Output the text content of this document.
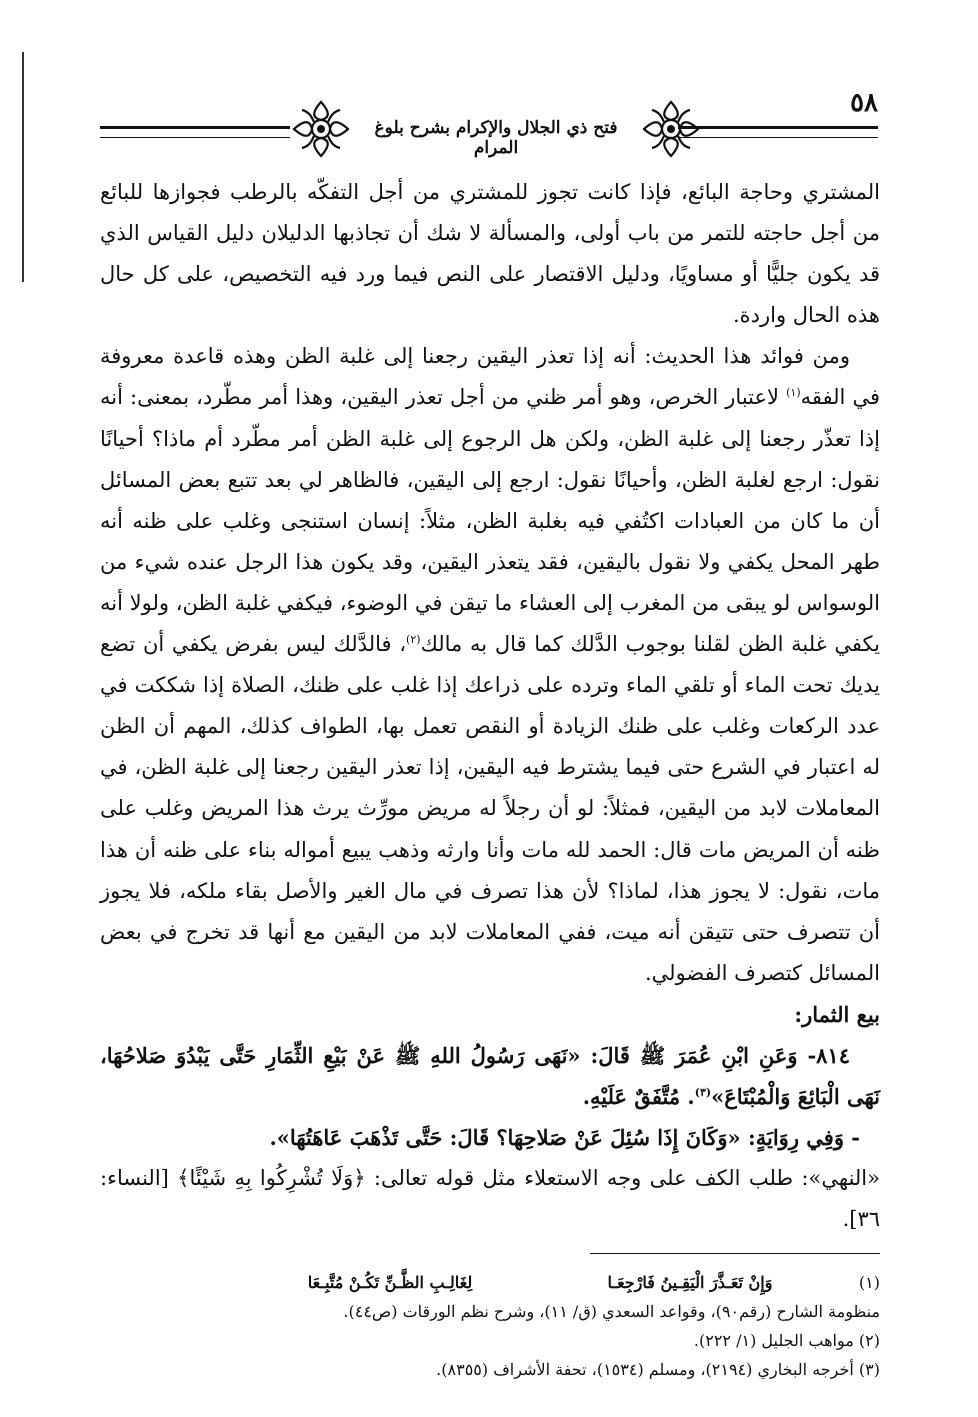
فتح ذي الجلال والإكرام بشرح بلوغ المرام
٥٨

المشتري وحاجة البائع، فإذا كانت تجوز للمشتري من أجل التفكّه بالرطب فجوازها للبائع من أجل حاجته للتمر من باب أولى، والمسألة لا شك أن تجاذبها الدليلان دليل القياس الذي قد يكون جليًّا أو مساويًا، ودليل الاقتصار على النص فيما ورد فيه التخصيص، على كل حال هذه الحال واردة.

ومن فوائد هذا الحديث: أنه إذا تعذر اليقين رجعنا إلى غلبة الظن وهذه قاعدة معروفة في الفقه$^{(١)}$ لاعتبار الخرص، وهو أمر ظني من أجل تعذر اليقين، وهذا أمر مطّرد، بمعنى: أنه إذا تعذّر رجعنا إلى غلبة الظن، ولكن هل الرجوع إلى غلبة الظن أمر مطّرد أم ماذا؟ أحيانًا نقول: ارجع لغلبة الظن، وأحيانًا نقول: ارجع إلى اليقين، فالظاهر لي بعد تتبع بعض المسائل أن ما كان من العبادات اكتُفي فيه بغلبة الظن، مثلاً: إنسان استنجى وغلب على ظنه أنه طهر المحل يكفي ولا نقول باليقين، فقد يتعذر اليقين، وقد يكون هذا الرجل عنده شيء من الوسواس لو يبقى من المغرب إلى العشاء ما تيقن في الوضوء، فيكفي غلبة الظن، ولولا أنه يكفي غلبة الظن لقلنا بوجوب الدَّلك كما قال به مالك$^{(٢)}$، فالدَّلك ليس بفرض يكفي أن تضع يديك تحت الماء أو تلقي الماء وترده على ذراعك إذا غلب على ظنك، الصلاة إذا شككت في عدد الركعات وغلب على ظنك الزيادة أو النقص تعمل بها، الطواف كذلك، المهم أن الظن له اعتبار في الشرع حتى فيما يشترط فيه اليقين، إذا تعذر اليقين رجعنا إلى غلبة الظن، في المعاملات لابد من اليقين، فمثلاً: لو أن رجلاً له مريض مورِّث يرث هذا المريض وغلب على ظنه أن المريض مات قال: الحمد لله مات وأنا وارثه وذهب يبيع أمواله بناء على ظنه أن هذا مات، نقول: لا يجوز هذا، لماذا؟ لأن هذا تصرف في مال الغير والأصل بقاء ملكه، فلا يجوز أن تتصرف حتى تتيقن أنه ميت، ففي المعاملات لابد من اليقين مع أنها قد تخرج في بعض المسائل كتصرف الفضولي.

بيع الثمار:

٨١٤- وَعَنِ ابْنِ عُمَرَ ﷺ قَالَ: «نَهَى رَسُولُ اللهِ ﷺ عَنْ بَيْعِ الثِّمَارِ حَتَّى يَبْدُوَ صَلاحُهَا، نَهَى الْبَائِعَ وَالْمُبْتَاعَ»$^{(٣)}$. مُتَّفَقٌ عَلَيْهِ.

- وَفِي رِوَايَةٍ: «وَكَانَ إِذَا سُئِلَ عَنْ صَلاحِهَا؟ قَالَ: حَتَّى تَذْهَبَ عَاهَتُهَا».

«النهي»: طلب الكف على وجه الاستعلاء مثل قوله تعالى: ﴿وَلَا تُشْرِكُوا بِهِ شَيْئًا﴾ [النساء: ٣٦].

(١)
وَإِنْ تَعَـذَّرَ الْيَقِـينُ فَارْجِعَـا
لِغَالِـبِ الظَّـنِّ تَكُـنْ مُتَّبِـعَا

منظومة الشارح (رقم٩٠)، وقواعد السعدي (ق/ ١١)، وشرح نظم الورقات (ص٤٤).

(٢) مواهب الجليل (١/ ٢٢٢).

(٣) أخرجه البخاري (٢١٩٤)، ومسلم (١٥٣٤)، تحفة الأشراف (٨٣٥٥).
